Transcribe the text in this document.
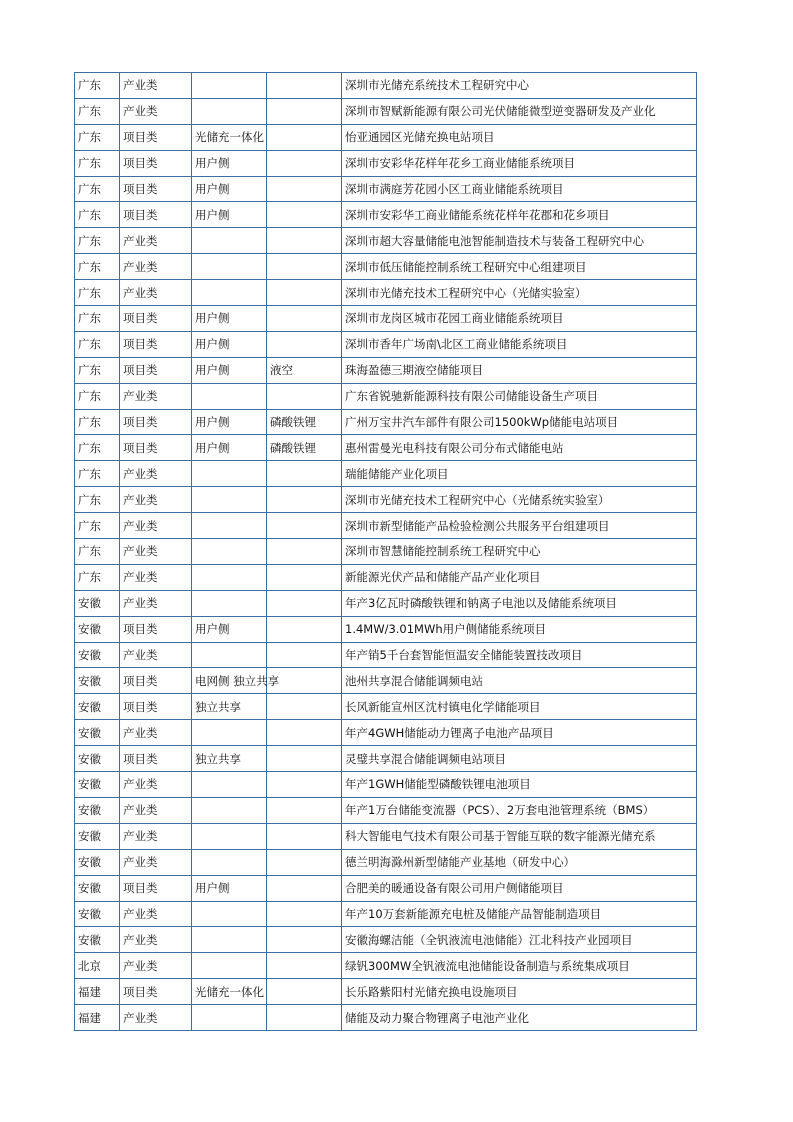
广东	产业类			深圳市光储充系统技术工程研究中心
广东	产业类			深圳市智赋新能源有限公司光伏储能微型逆变器研发及产业化
广东	项目类	光储充一体化		怡亚通园区光储充换电站项目
广东	项目类	用户侧		深圳市安彩华花样年花乡工商业储能系统项目
广东	项目类	用户侧		深圳市满庭芳花园小区工商业储能系统项目
广东	项目类	用户侧		深圳市安彩华工商业储能系统花样年花郡和花乡项目
广东	产业类			深圳市超大容量储能电池智能制造技术与装备工程研究中心
广东	产业类			深圳市低压储能控制系统工程研究中心组建项目
广东	产业类			深圳市光储充技术工程研究中心（光储实验室）
广东	项目类	用户侧		深圳市龙岗区城市花园工商业储能系统项目
广东	项目类	用户侧		深圳市香年广场南\北区工商业储能系统项目
广东	项目类	用户侧	液空	珠海盈德三期液空储能项目
广东	产业类			广东省锐驰新能源科技有限公司储能设备生产项目
广东	项目类	用户侧	磷酸铁锂	广州万宝井汽车部件有限公司1500kWp储能电站项目
广东	项目类	用户侧	磷酸铁锂	惠州雷曼光电科技有限公司分布式储能电站
广东	产业类			瑞能储能产业化项目
广东	产业类			深圳市光储充技术工程研究中心（光储系统实验室）
广东	产业类			深圳市新型储能产品检验检测公共服务平台组建项目
广东	产业类			深圳市智慧储能控制系统工程研究中心
广东	产业类			新能源光伏产品和储能产品产业化项目
安徽	产业类			年产3亿瓦时磷酸铁锂和钠离子电池以及储能系统项目
安徽	项目类	用户侧		1.4MW/3.01MWh用户侧储能系统项目
安徽	产业类			年产销5千台套智能恒温安全储能装置技改项目
安徽	项目类	电网侧 独立共享		池州共享混合储能调频电站
安徽	项目类	独立共享		长风新能宣州区沈村镇电化学储能项目
安徽	产业类			年产4GWH储能动力锂离子电池产品项目
安徽	项目类	独立共享		灵璧共享混合储能调频电站项目
安徽	产业类			年产1GWH储能型磷酸铁锂电池项目
安徽	产业类			年产1万台储能变流器（PCS）、2万套电池管理系统（BMS）
安徽	产业类			科大智能电气技术有限公司基于智能互联的数字能源光储充系
安徽	产业类			德兰明海滁州新型储能产业基地（研发中心）
安徽	项目类	用户侧		合肥美的暖通设备有限公司用户侧储能项目
安徽	产业类			年产10万套新能源充电桩及储能产品智能制造项目
安徽	产业类			安徽海螺洁能（全钒液流电池储能）江北科技产业园项目
北京	产业类			绿钒300MW全钒液流电池储能设备制造与系统集成项目
福建	项目类	光储充一体化		长乐路紫阳村光储充换电设施项目
福建	产业类			储能及动力聚合物锂离子电池产业化
